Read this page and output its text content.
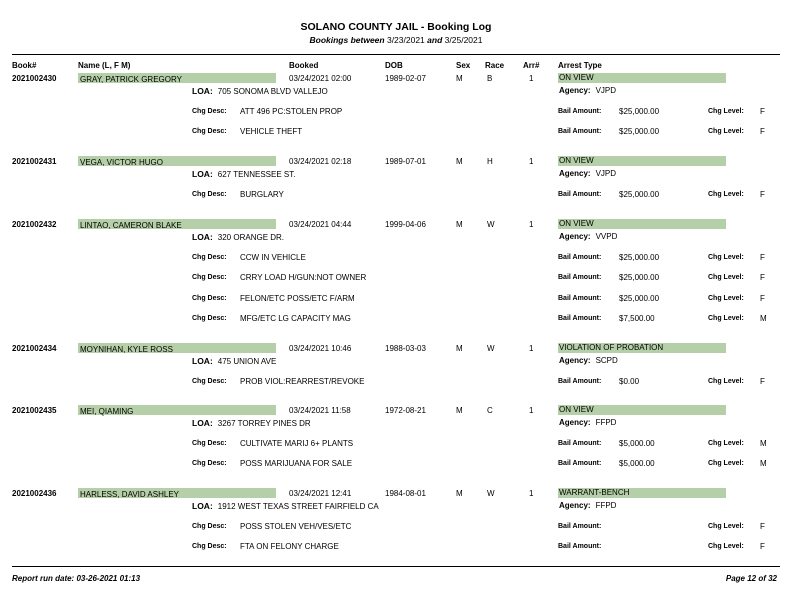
SOLANO COUNTY JAIL - Booking Log
Bookings between 3/23/2021 and 3/25/2021
Book#	Name (L, F M)	Booked	DOB	Sex Race Arr# Arrest Type
2021002430	GRAY, PATRICK GREGORY	03/24/2021 02:00	1989-02-07	M	B	1	ON VIEW
LOA: 705 SONOMA BLVD VALLEJO	Agency: VJPD
Chg Desc: ATT 496 PC:STOLEN PROP	Bail Amount: $25,000.00	Chg Level: F
Chg Desc: VEHICLE THEFT	Bail Amount: $25,000.00	Chg Level: F
2021002431	VEGA, VICTOR HUGO	03/24/2021 02:18	1989-07-01	M	H	1	ON VIEW
LOA: 627 TENNESSEE ST.	Agency: VJPD
Chg Desc: BURGLARY	Bail Amount: $25,000.00	Chg Level: F
2021002432	LINTAO, CAMERON BLAKE	03/24/2021 04:44	1999-04-06	M	W	1	ON VIEW
LOA: 320 ORANGE DR.	Agency: VVPD
Chg Desc: CCW IN VEHICLE	Bail Amount: $25,000.00	Chg Level: F
Chg Desc: CRRY LOAD H/GUN:NOT OWNER	Bail Amount: $25,000.00	Chg Level: F
Chg Desc: FELON/ETC POSS/ETC F/ARM	Bail Amount: $25,000.00	Chg Level: F
Chg Desc: MFG/ETC LG CAPACITY MAG	Bail Amount: $7,500.00	Chg Level: M
2021002434	MOYNIHAN, KYLE ROSS	03/24/2021 10:46	1988-03-03	M	W	1	VIOLATION OF PROBATION
LOA: 475 UNION AVE	Agency: SCPD
Chg Desc: PROB VIOL:REARREST/REVOKE	Bail Amount: $0.00	Chg Level: F
2021002435	MEI, QIAMING	03/24/2021 11:58	1972-08-21	M	C	1	ON VIEW
LOA: 3267 TORREY PINES DR	Agency: FFPD
Chg Desc: CULTIVATE MARIJ 6+ PLANTS	Bail Amount: $5,000.00	Chg Level: M
Chg Desc: POSS MARIJUANA FOR SALE	Bail Amount: $5,000.00	Chg Level: M
2021002436	HARLESS, DAVID ASHLEY	03/24/2021 12:41	1984-08-01	M	W	1	WARRANT-BENCH
LOA: 1912 WEST TEXAS STREET FAIRFIELD CA	Agency: FFPD
Chg Desc: POSS STOLEN VEH/VES/ETC	Bail Amount:	Chg Level: F
Chg Desc: FTA ON FELONY CHARGE	Bail Amount:	Chg Level: F
Report run date: 03-26-2021 01:13	Page 12 of 32
